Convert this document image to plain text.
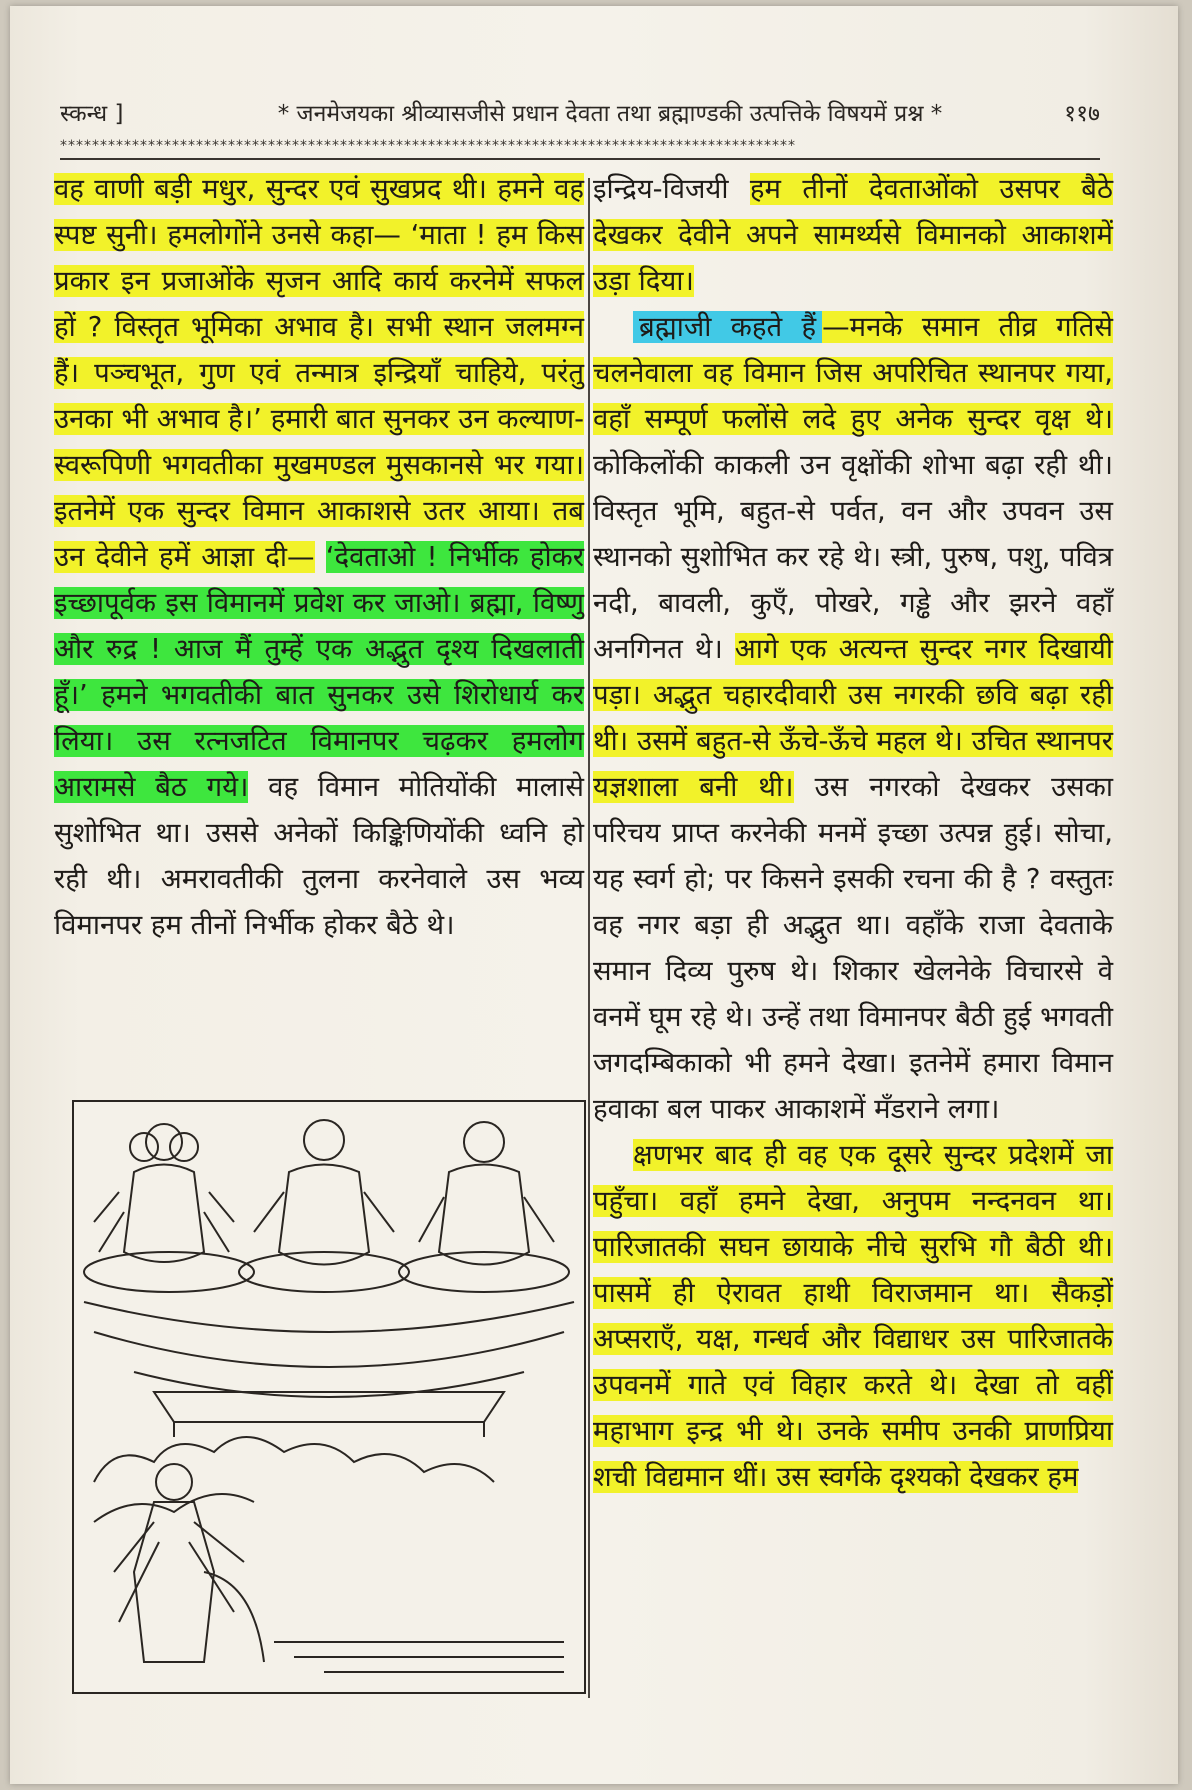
स्कन्ध ]	* जनमेजयका श्रीव्यासजीसे प्रधान देवता तथा ब्रह्माण्डकी उत्पत्तिके विषयमें प्रश्न *	११७
********************************************************************************************

वह वाणी बड़ी मधुर, सुन्दर एवं सुखप्रद थी। हमने वह स्पष्ट सुनी। हमलोगोंने उनसे कहा— ‘माता ! हम किस प्रकार इन प्रजाओंके सृजन आदि कार्य करनेमें सफल हों ? विस्तृत भूमिका अभाव है। सभी स्थान जलमग्न हैं। पञ्चभूत, गुण एवं तन्मात्र इन्द्रियाँ चाहिये, परंतु उनका भी अभाव है।’ हमारी बात सुनकर उन कल्याण-स्वरूपिणी भगवतीका मुखमण्डल मुसकानसे भर गया। इतनेमें एक सुन्दर विमान आकाशसे उतर आया। तब उन देवीने हमें आज्ञा दी— ‘देवताओ ! निर्भीक होकर इच्छापूर्वक इस विमानमें प्रवेश कर जाओ। ब्रह्मा, विष्णु और रुद्र ! आज मैं तुम्हें एक अद्भुत दृश्य दिखलाती हूँ।’ हमने भगवतीकी बात सुनकर उसे शिरोधार्य कर लिया। उस रत्नजटित विमानपर चढ़कर हमलोग आरामसे बैठ गये। वह विमान मोतियोंकी मालासे सुशोभित था। उससे अनेकों किङ्किणियोंकी ध्वनि हो रही थी। अमरावतीकी तुलना करनेवाले उस भव्य विमानपर हम तीनों निर्भीक होकर बैठे थे।

इन्द्रिय-विजयी हम तीनों देवताओंको उसपर बैठे देखकर देवीने अपने सामर्थ्यसे विमानको आकाशमें उड़ा दिया।

ब्रह्माजी कहते हैं —मनके समान तीव्र गतिसे चलनेवाला वह विमान जिस अपरिचित स्थानपर गया, वहाँ सम्पूर्ण फलोंसे लदे हुए अनेक सुन्दर वृक्ष थे। कोकिलोंकी काकली उन वृक्षोंकी शोभा बढ़ा रही थी। विस्तृत भूमि, बहुत-से पर्वत, वन और उपवन उस स्थानको सुशोभित कर रहे थे। स्त्री, पुरुष, पशु, पवित्र नदी, बावली, कुएँ, पोखरे, गड्ढे और झरने वहाँ अनगिनत थे। आगे एक अत्यन्त सुन्दर नगर दिखायी पड़ा। अद्भुत चहारदीवारी उस नगरकी छवि बढ़ा रही थी। उसमें बहुत-से ऊँचे-ऊँचे महल थे। उचित स्थानपर यज्ञशाला बनी थी। उस नगरको देखकर उसका परिचय प्राप्त करनेकी मनमें इच्छा उत्पन्न हुई। सोचा, यह स्वर्ग हो; पर किसने इसकी रचना की है ? वस्तुतः वह नगर बड़ा ही अद्भुत था। वहाँके राजा देवताके समान दिव्य पुरुष थे। शिकार खेलनेके विचारसे वे वनमें घूम रहे थे। उन्हें तथा विमानपर बैठी हुई भगवती जगदम्बिकाको भी हमने देखा। इतनेमें हमारा विमान हवाका बल पाकर आकाशमें मँडराने लगा।

क्षणभर बाद ही वह एक दूसरे सुन्दर प्रदेशमें जा पहुँचा। वहाँ हमने देखा, अनुपम नन्दनवन था। पारिजातकी सघन छायाके नीचे सुरभि गौ बैठी थी। पासमें ही ऐरावत हाथी विराजमान था। सैकड़ों अप्सराएँ, यक्ष, गन्धर्व और विद्याधर उस पारिजातके उपवनमें गाते एवं विहार करते थे। देखा तो वहीं महाभाग इन्द्र भी थे। उनके समीप उनकी प्राणप्रिया शची विद्यमान थीं। उस स्वर्गके दृश्यको देखकर हम
